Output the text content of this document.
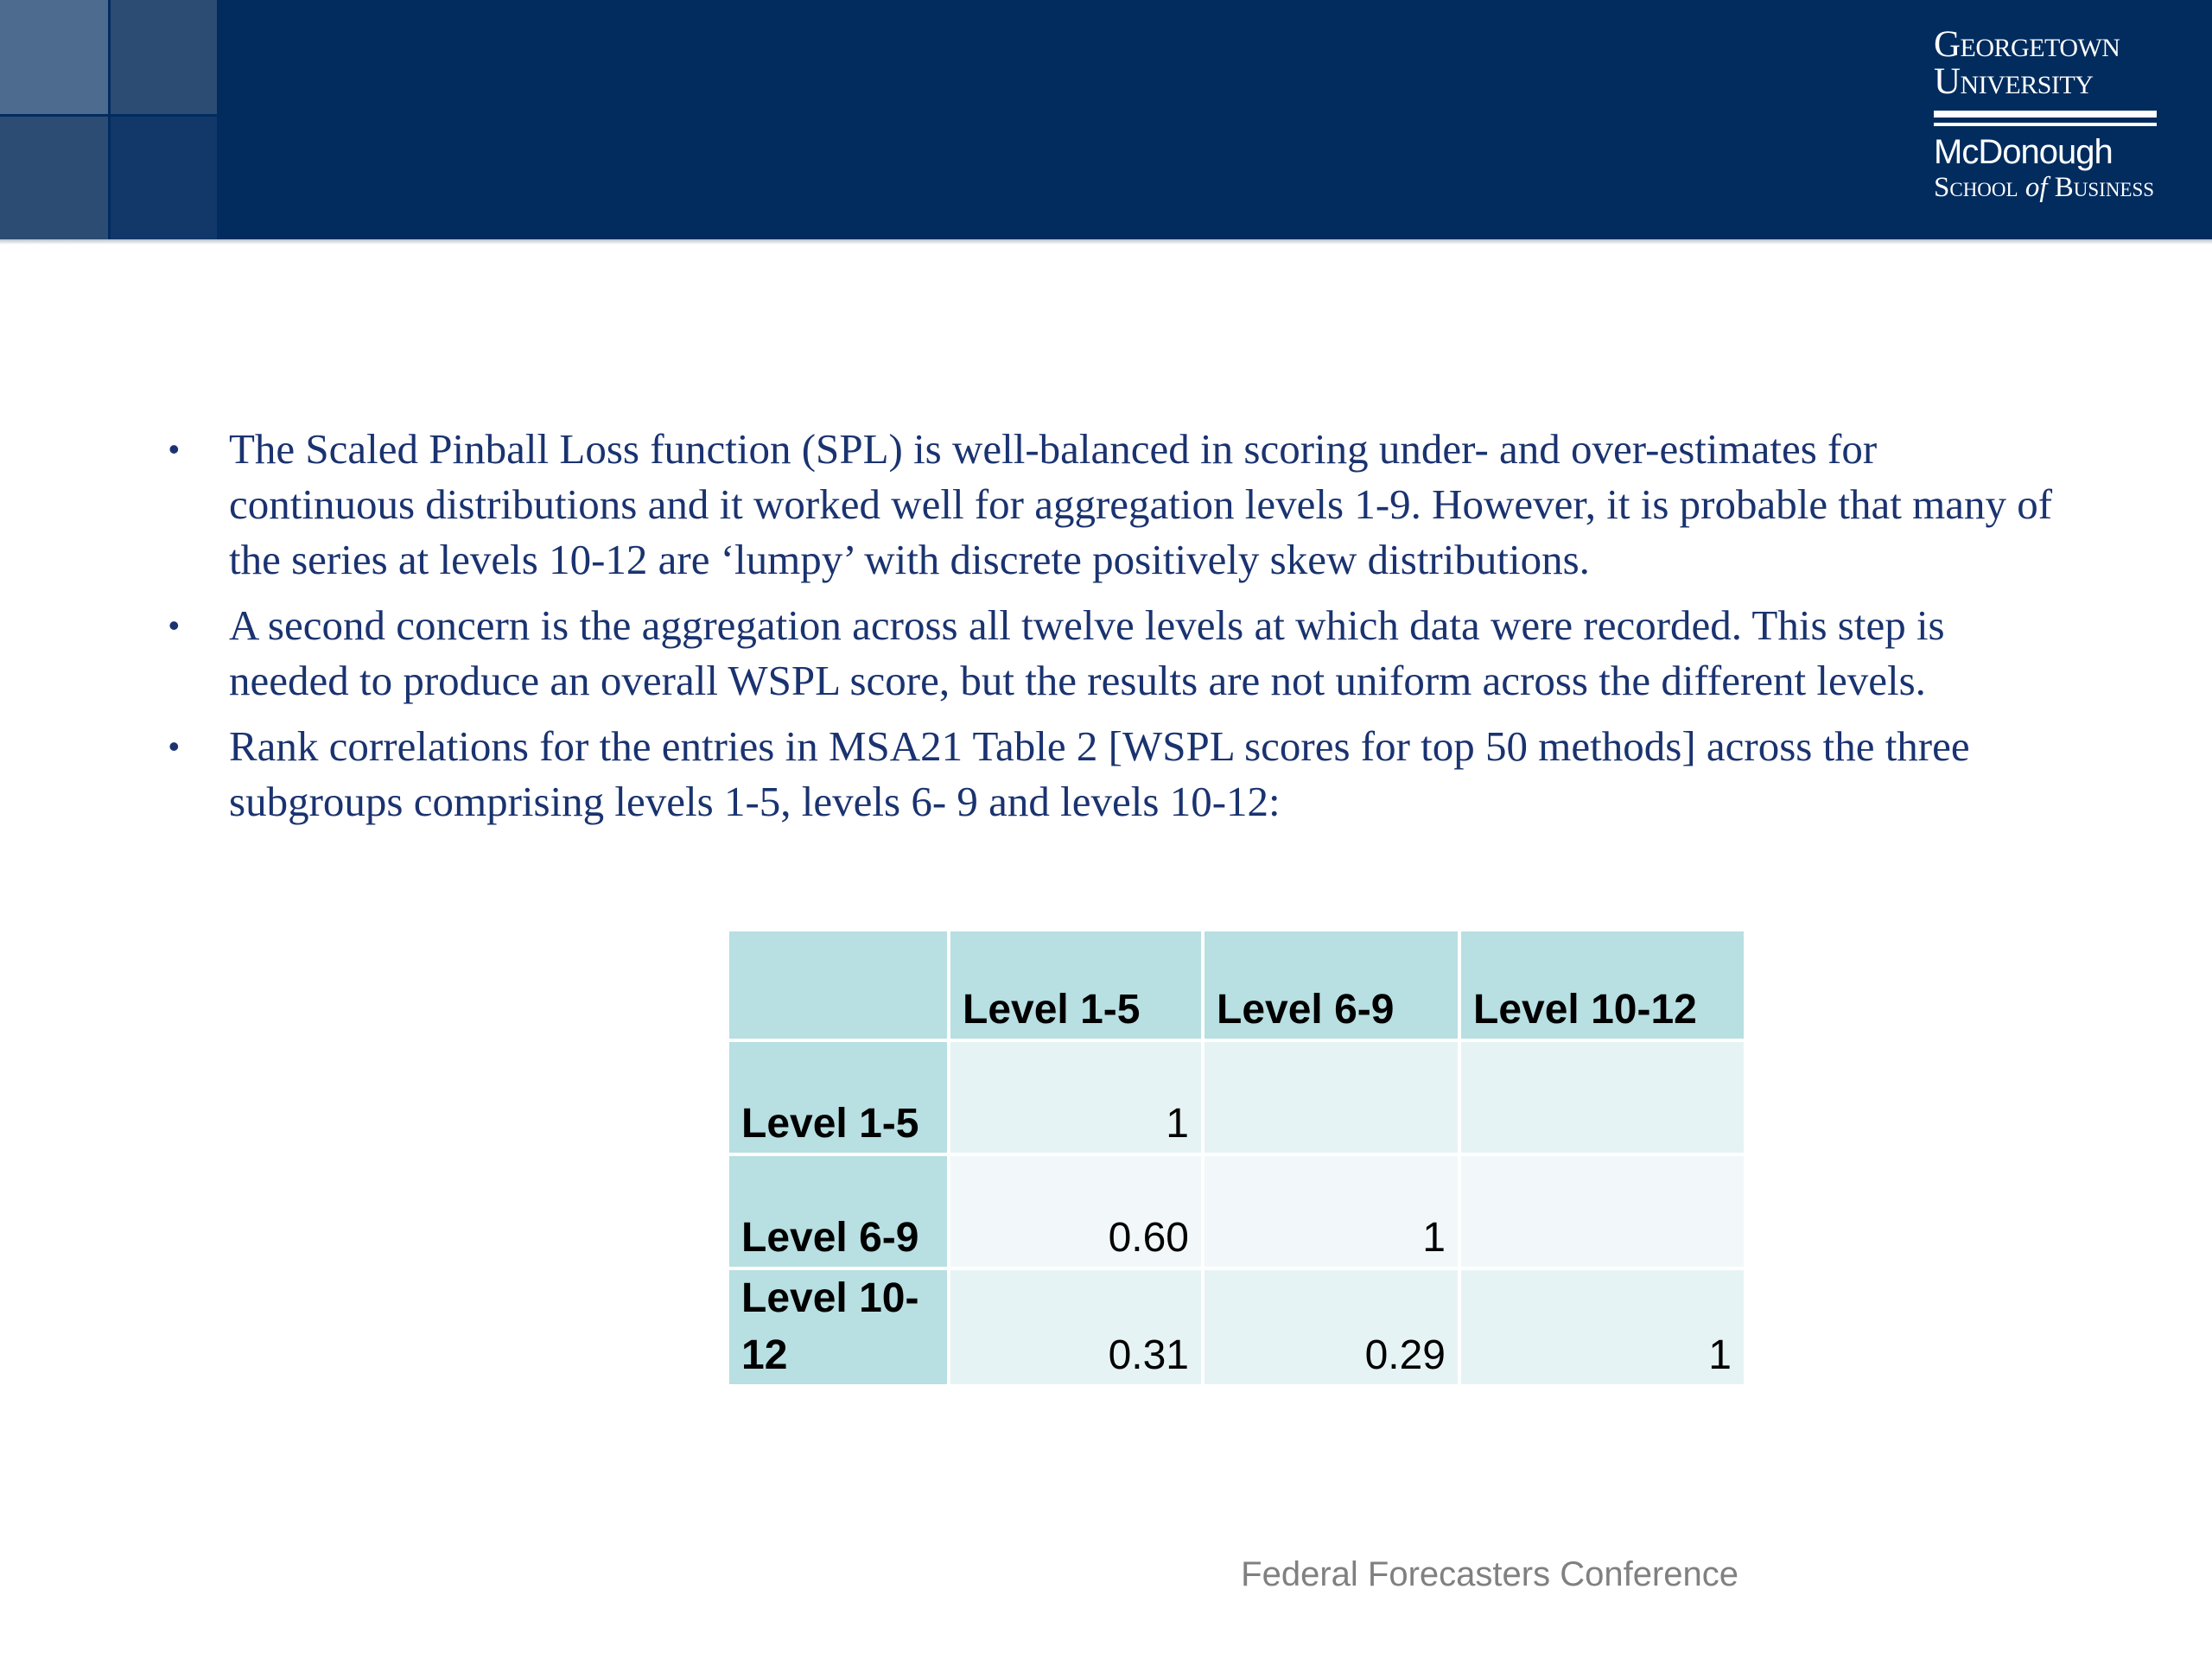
Georgetown
University
McDonough
School of Business
• The Scaled Pinball Loss function (SPL) is well-balanced in scoring under- and over-estimates for continuous distributions and it worked well for aggregation levels 1-9. However, it is probable that many of the series at levels 10-12 are ‘lumpy’ with discrete positively skew distributions.
• A second concern is the aggregation across all twelve levels at which data were recorded. This step is needed to produce an overall WSPL score, but the results are not uniform across the different levels.
• Rank correlations for the entries in MSA21 Table 2 [WSPL scores for top 50 methods] across the three subgroups comprising levels 1-5, levels 6- 9 and levels 10-12:
	Level 1-5	Level 6-9	Level 10-12
Level 1-5	1		
Level 6-9	0.60	1	
Level 10-12	0.31	0.29	1
Federal Forecasters Conference
